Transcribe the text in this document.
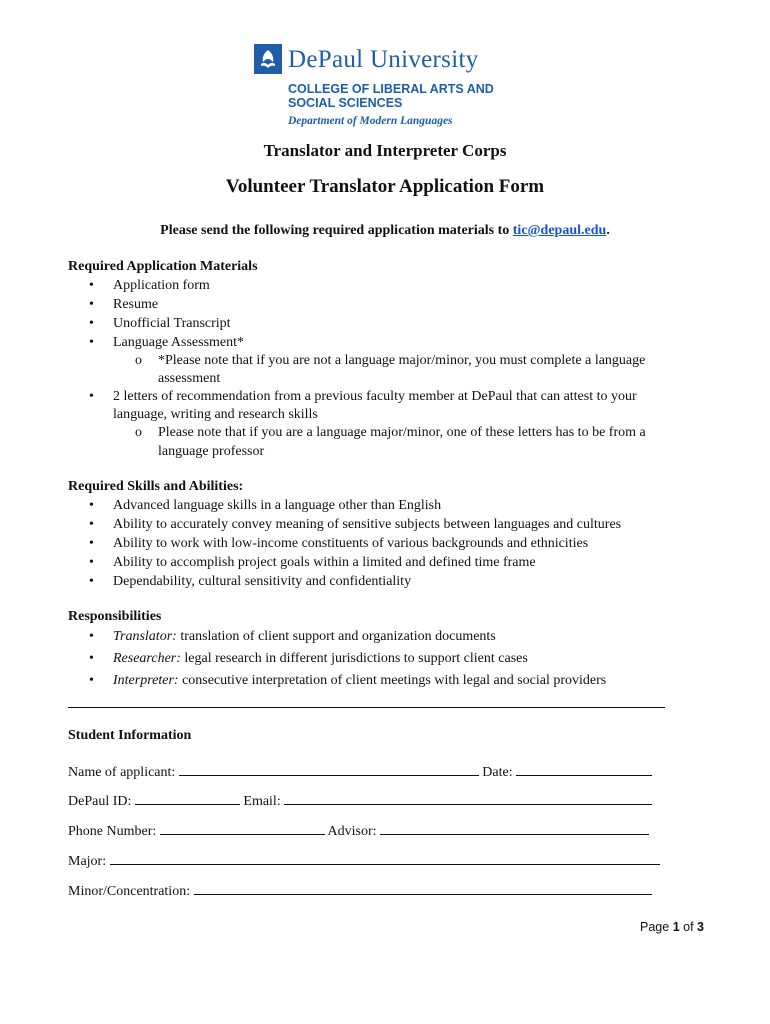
DePaul University
COLLEGE OF LIBERAL ARTS AND SOCIAL SCIENCES
Department of Modern Languages
Translator and Interpreter Corps
Volunteer Translator Application Form
Please send the following required application materials to tic@depaul.edu.
Required Application Materials
• Application form
• Resume
• Unofficial Transcript
• Language Assessment*
o *Please note that if you are not a language major/minor, you must complete a language
assessment
• 2 letters of recommendation from a previous faculty member at DePaul that can attest to your
language, writing and research skills
o Please note that if you are a language major/minor, one of these letters has to be from a
language professor
Required Skills and Abilities:
• Advanced language skills in a language other than English
• Ability to accurately convey meaning of sensitive subjects between languages and cultures
• Ability to work with low-income constituents of various backgrounds and ethnicities
• Ability to accomplish project goals within a limited and defined time frame
• Dependability, cultural sensitivity and confidentiality
Responsibilities
• Translator: translation of client support and organization documents
• Researcher: legal research in different jurisdictions to support client cases
• Interpreter: consecutive interpretation of client meetings with legal and social providers
Student Information
Name of applicant:	Date:
DePaul ID:	Email:
Phone Number:	Advisor:
Major:
Minor/Concentration:
Page 1 of 3
